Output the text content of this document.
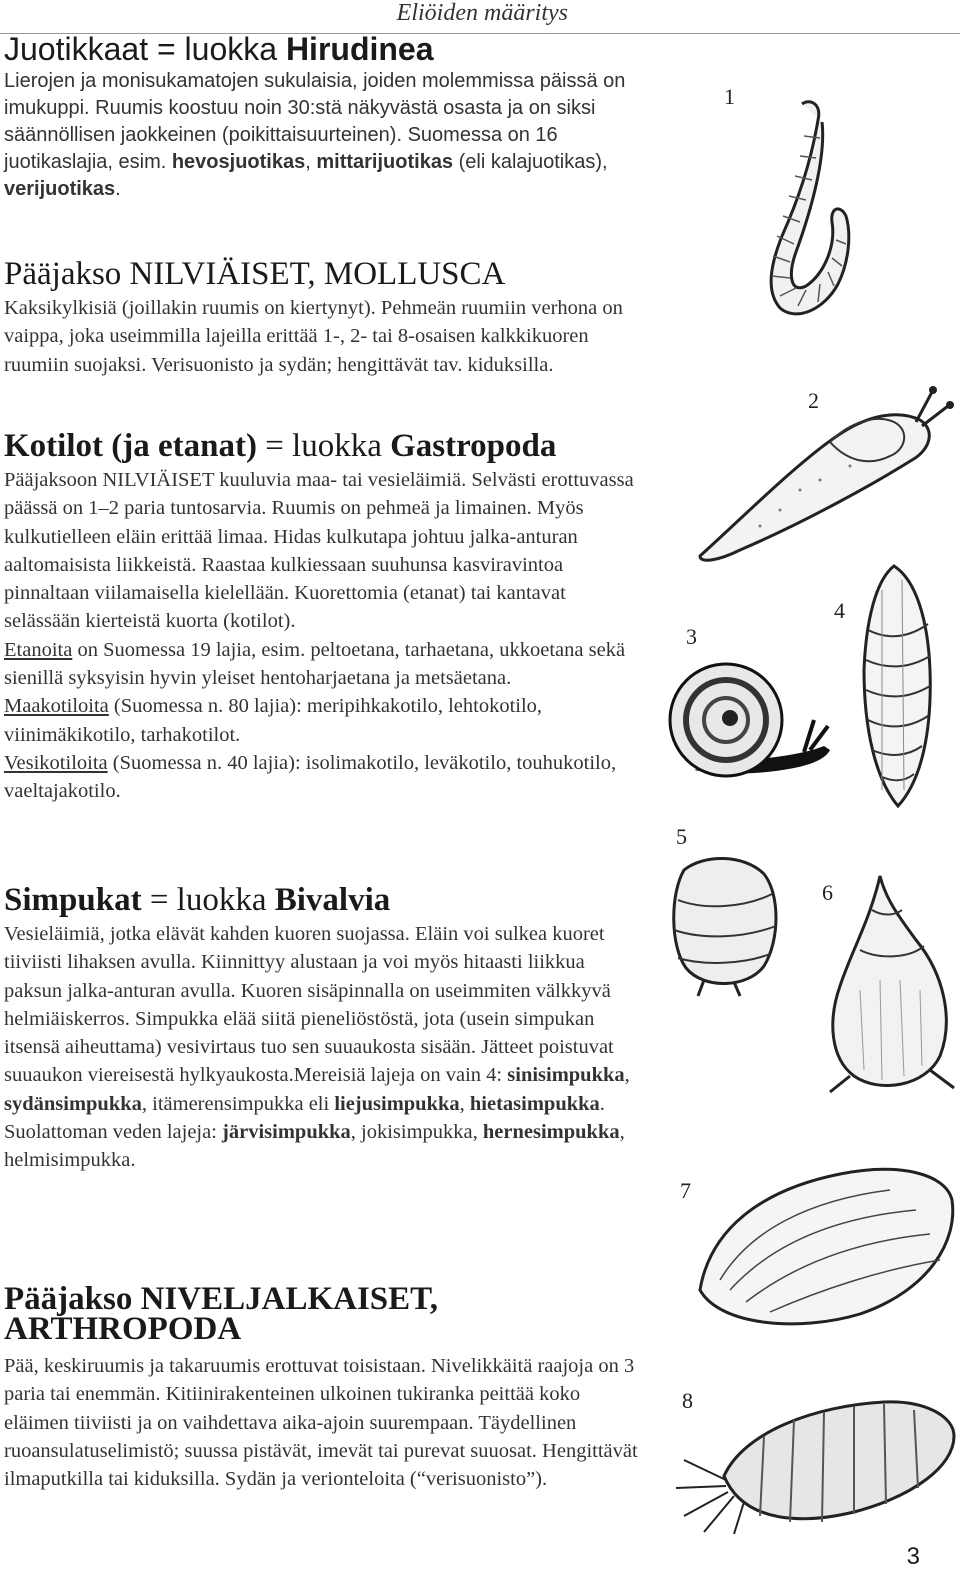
Eliöiden määritys
Juotikkaat = luokka Hirudinea

Lierojen ja monisukamatojen sukulaisia, joiden molemmissa päissä on imukuppi. Ruumis koostuu noin 30:stä näkyvästä osasta ja on siksi säännöllisen jaokkeinen (poikittaisuurteinen). Suomessa on 16 juotikaslajia, esim. hevosjuotikas, mittarijuotikas (eli kalajuotikas), verijuotikas.

Pääjakso NILVIÄISET, MOLLUSCA

Kaksikylkisiä (joillakin ruumis on kiertynyt). Pehmeän ruumiin verhona on vaippa, joka useimmilla lajeilla erittää 1-, 2- tai 8-osaisen kalkkikuoren ruumiin suojaksi. Verisuonisto ja sydän; hengittävät tav. kiduksilla.

Kotilot (ja etanat) = luokka Gastropoda

Pääjaksoon NILVIÄISET kuuluvia maa- tai vesieläimiä. Selvästi erottuvassa päässä on 1–2 paria tuntosarvia. Ruumis on pehmeä ja limainen. Myös kulkutielleen eläin erittää limaa. Hidas kulkutapa johtuu jalka-anturan aaltomaisista liikkeistä. Raastaa kulkiessaan suuhunsa kasviravintoa pinnaltaan viilamaisella kielellään. Kuorettomia (etanat) tai kantavat selässään kierteistä kuorta (kotilot).

Etanoita on Suomessa 19 lajia, esim. peltoetana, tarhaetana, ukkoetana sekä sienillä syksyisin hyvin yleiset hentoharjaetana ja metsäetana.

Maakotiloita (Suomessa n. 80 lajia): meripihkakotilo, lehtokotilo, viinimäkikotilo, tarhakotilot.

Vesikotiloita (Suomessa n. 40 lajia): isolimakotilo, leväkotilo, touhukotilo, vaeltajakotilo.

Simpukat = luokka Bivalvia

Vesieläimiä, jotka elävät kahden kuoren suojassa. Eläin voi sulkea kuoret tiiviisti lihaksen avulla. Kiinnittyy alustaan ja voi myös hitaasti liikkua paksun jalka-anturan avulla. Kuoren sisäpinnalla on useimmiten välkkyvä helmiäiskerros. Simpukka elää siitä pieneliöstöstä, jota (usein simpukan itsensä aiheuttama) vesivirtaus tuo sen suuaukosta sisään. Jätteet poistuvat suuaukon viereisestä hylkyaukosta.Mereisiä lajeja on vain 4: sinisimpukka, sydänsimpukka, itämerensimpukka eli liejusimpukka, hietasimpukka.

Suolattoman veden lajeja: järvisimpukka, jokisimpukka, hernesimpukka, helmisimpukka.

Pääjakso NIVELJALKAISET,
ARTHROPODA

Pää, keskiruumis ja takaruumis erottuvat toisistaan. Nivelikkäitä raajoja on 3 paria tai enemmän. Kitiinirakenteinen ulkoinen tukiranka peittää koko eläimen tiiviisti ja on vaihdettava aika-ajoin suurempaan. Täydellinen ruoansulatuselimistö; suussa pistävät, imevät tai purevat suuosat. Hengittävät ilmaputkilla tai kiduksilla. Sydän ja verionteloita (“verisuonisto”).

1
2
3
4
5
6
7
8
3
